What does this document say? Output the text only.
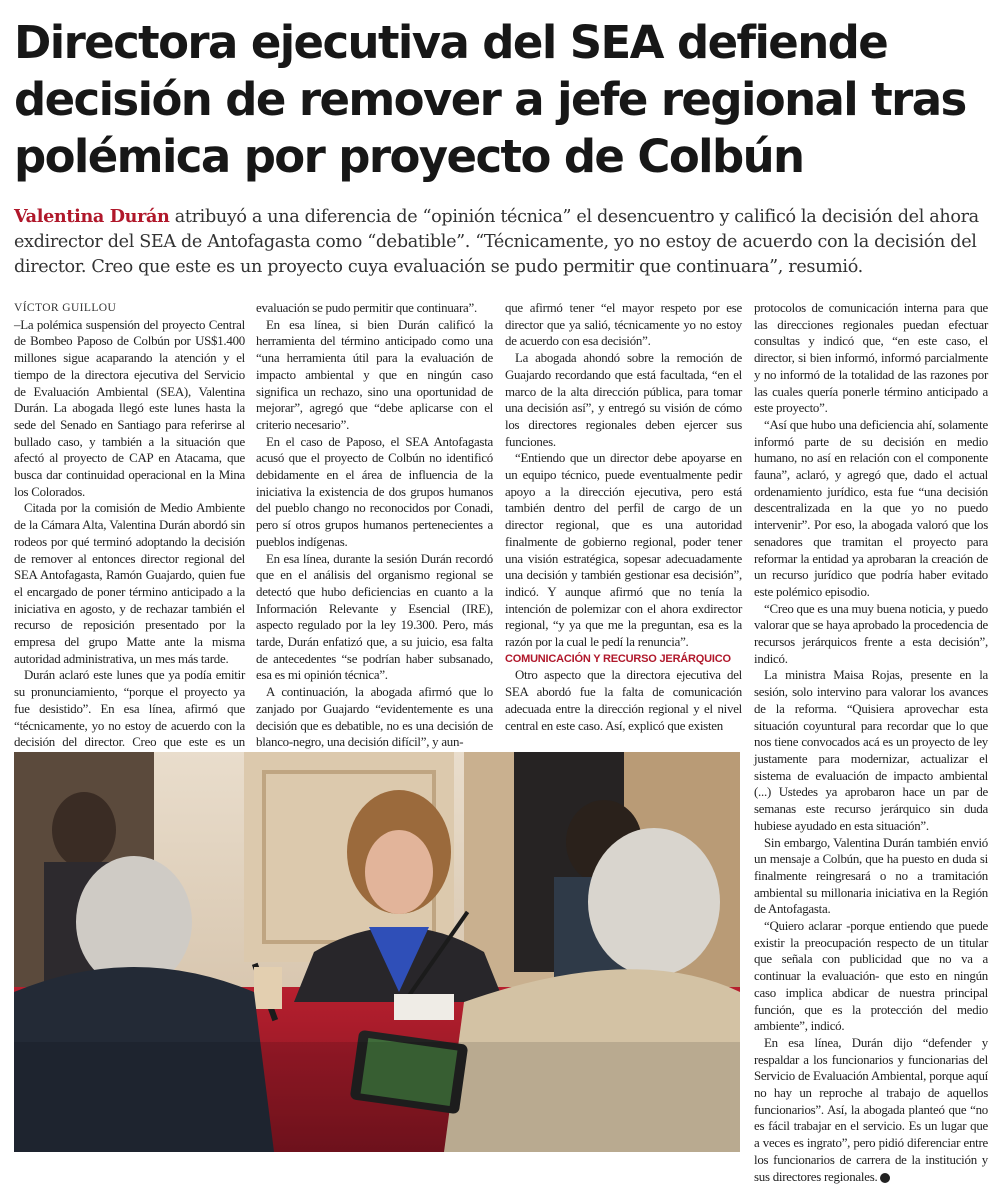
Directora ejecutiva del SEA defiende decisión de remover a jefe regional tras polémica por proyecto de Colbún

Valentina Durán atribuyó a una diferencia de “opinión técnica” el desencuentro y calificó la decisión del ahora exdirector del SEA de Antofagasta como “debatible”. “Técnicamente, yo no estoy de acuerdo con la decisión del director. Creo que este es un proyecto cuya evaluación se pudo permitir que continuara”, resumió.

VÍCTOR GUILLOU

–La polémica suspensión del proyecto Central de Bombeo Paposo de Colbún por US$1.400 millones sigue acaparando la atención y el tiempo de la directora ejecutiva del Servicio de Evaluación Ambiental (SEA), Valentina Durán. La abogada llegó este lunes hasta la sede del Senado en Santiago para referirse al bullado caso, y también a la situación que afectó al proyecto de CAP en Atacama, que busca dar continuidad operacional en la Mina los Colorados.

Citada por la comisión de Medio Ambiente de la Cámara Alta, Valentina Durán abordó sin rodeos por qué terminó adoptando la decisión de remover al entonces director regional del SEA Antofagasta, Ramón Guajardo, quien fue el encargado de poner término anticipado a la iniciativa en agosto, y de rechazar también el recurso de reposición presentado por la empresa del grupo Matte ante la misma autoridad administrativa, un mes más tarde.

Durán aclaró este lunes que ya podía emitir su pronunciamiento, “porque el proyecto ya fue desistido”. En esa línea, afirmó que “técnicamente, yo no estoy de acuerdo con la decisión del director. Creo que este es un

evaluación se pudo permitir que continuara”.

En esa línea, si bien Durán calificó la herramienta del término anticipado como una “una herramienta útil para la evaluación de impacto ambiental y que en ningún caso significa un rechazo, sino una oportunidad de mejorar”, agregó que “debe aplicarse con el criterio necesario”.

En el caso de Paposo, el SEA Antofagasta acusó que el proyecto de Colbún no identificó debidamente en el área de influencia de la iniciativa la existencia de dos grupos humanos del pueblo chango no reconocidos por Conadi, pero sí otros grupos humanos pertenecientes a pueblos indígenas.

En esa línea, durante la sesión Durán recordó que en el análisis del organismo regional se detectó que hubo deficiencias en cuanto a la Información Relevante y Esencial (IRE), aspecto regulado por la ley 19.300. Pero, más tarde, Durán enfatizó que, a su juicio, esa falta de antecedentes “se podrían haber subsanado, esa es mi opinión técnica”.

A continuación, la abogada afirmó que lo zanjado por Guajardo “evidentemente es una decisión que es debatible, no es una decisión de blanco-negro, una decisión difícil”, y aun-

que afirmó tener “el mayor respeto por ese director que ya salió, técnicamente yo no estoy de acuerdo con esa decisión”.

La abogada ahondó sobre la remoción de Guajardo recordando que está facultada, “en el marco de la alta dirección pública, para tomar una decisión así”, y entregó su visión de cómo los directores regionales deben ejercer sus funciones.

“Entiendo que un director debe apoyarse en un equipo técnico, puede eventualmente pedir apoyo a la dirección ejecutiva, pero está también dentro del perfil de cargo de un director regional, que es una autoridad finalmente de gobierno regional, poder tener una visión estratégica, sopesar adecuadamente una decisión y también gestionar esa decisión”, indicó. Y aunque afirmó que no tenía la intención de polemizar con el ahora exdirector regional, “y ya que me la preguntan, esa es la razón por la cual le pedí la renuncia”.

COMUNICACIÓN Y RECURSO JERÁRQUICO

Otro aspecto que la directora ejecutiva del SEA abordó fue la falta de comunicación adecuada entre la dirección regional y el nivel central en este caso. Así, explicó que existen

protocolos de comunicación interna para que las direcciones regionales puedan efectuar consultas y indicó que, “en este caso, el director, si bien informó, informó parcialmente y no informó de la totalidad de las razones por las cuales quería ponerle término anticipado a este proyecto”.

“Así que hubo una deficiencia ahí, solamente informó parte de su decisión en medio humano, no así en relación con el componente fauna”, aclaró, y agregó que, dado el actual ordenamiento jurídico, esta fue “una decisión descentralizada en la que yo no puedo intervenir”. Por eso, la abogada valoró que los senadores que tramitan el proyecto para reformar la entidad ya aprobaran la creación de un recurso jurídico que podría haber evitado este polémico episodio.

“Creo que es una muy buena noticia, y puedo valorar que se haya aprobado la procedencia de recursos jerárquicos frente a esta decisión”, indicó.

La ministra Maisa Rojas, presente en la sesión, solo intervino para valorar los avances de la reforma. “Quisiera aprovechar esta situación coyuntural para recordar que lo que nos tiene convocados acá es un proyecto de ley justamente para modernizar, actualizar el sistema de evaluación de impacto ambiental (...) Ustedes ya aprobaron hace un par de semanas este recurso jerárquico sin duda hubiese ayudado en esta situación”.

Sin embargo, Valentina Durán también envió un mensaje a Colbún, que ha puesto en duda si finalmente reingresará o no a tramitación ambiental su millonaria iniciativa en la Región de Antofagasta.

“Quiero aclarar -porque entiendo que puede existir la preocupación respecto de un titular que señala con publicidad que no va a continuar la evaluación- que esto en ningún caso implica abdicar de nuestra principal función, que es la protección del medio ambiente”, indicó.

En esa línea, Durán dijo “defender y respaldar a los funcionarios y funcionarias del Servicio de Evaluación Ambiental, porque aquí no hay un reproche al trabajo de aquellos funcionarios”. Así, la abogada planteó que “no es fácil trabajar en el servicio. Es un lugar que a veces es ingrato”, pero pidió diferenciar entre los funcionarios de carrera de la institución y sus directores regionales.
